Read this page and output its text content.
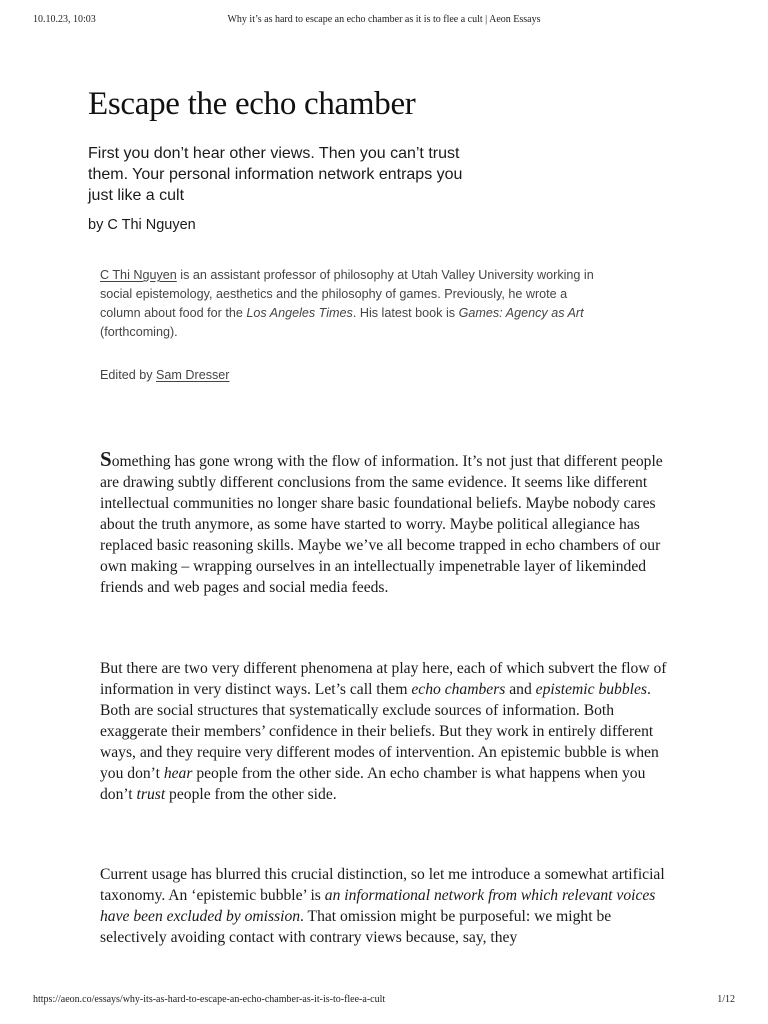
10.10.23, 10:03	Why it’s as hard to escape an echo chamber as it is to flee a cult | Aeon Essays
Escape the echo chamber

First you don’t hear other views. Then you can’t trust them. Your personal information network entraps you just like a cult

by C Thi Nguyen

C Thi Nguyen is an assistant professor of philosophy at Utah Valley University working in social epistemology, aesthetics and the philosophy of games. Previously, he wrote a column about food for the Los Angeles Times. His latest book is Games: Agency as Art (forthcoming).

Edited by Sam Dresser

Something has gone wrong with the flow of information. It’s not just that different people are drawing subtly different conclusions from the same evidence. It seems like different intellectual communities no longer share basic foundational beliefs. Maybe nobody cares about the truth anymore, as some have started to worry. Maybe political allegiance has replaced basic reasoning skills. Maybe we’ve all become trapped in echo chambers of our own making – wrapping ourselves in an intellectually impenetrable layer of likeminded friends and web pages and social media feeds.

But there are two very different phenomena at play here, each of which subvert the flow of information in very distinct ways. Let’s call them echo chambers and epistemic bubbles. Both are social structures that systematically exclude sources of information. Both exaggerate their members’ confidence in their beliefs. But they work in entirely different ways, and they require very different modes of intervention. An epistemic bubble is when you don’t hear people from the other side. An echo chamber is what happens when you don’t trust people from the other side.

Current usage has blurred this crucial distinction, so let me introduce a somewhat artificial taxonomy. An ‘epistemic bubble’ is an informational network from which relevant voices have been excluded by omission. That omission might be purposeful: we might be selectively avoiding contact with contrary views because, say, they

https://aeon.co/essays/why-its-as-hard-to-escape-an-echo-chamber-as-it-is-to-flee-a-cult	1/12
